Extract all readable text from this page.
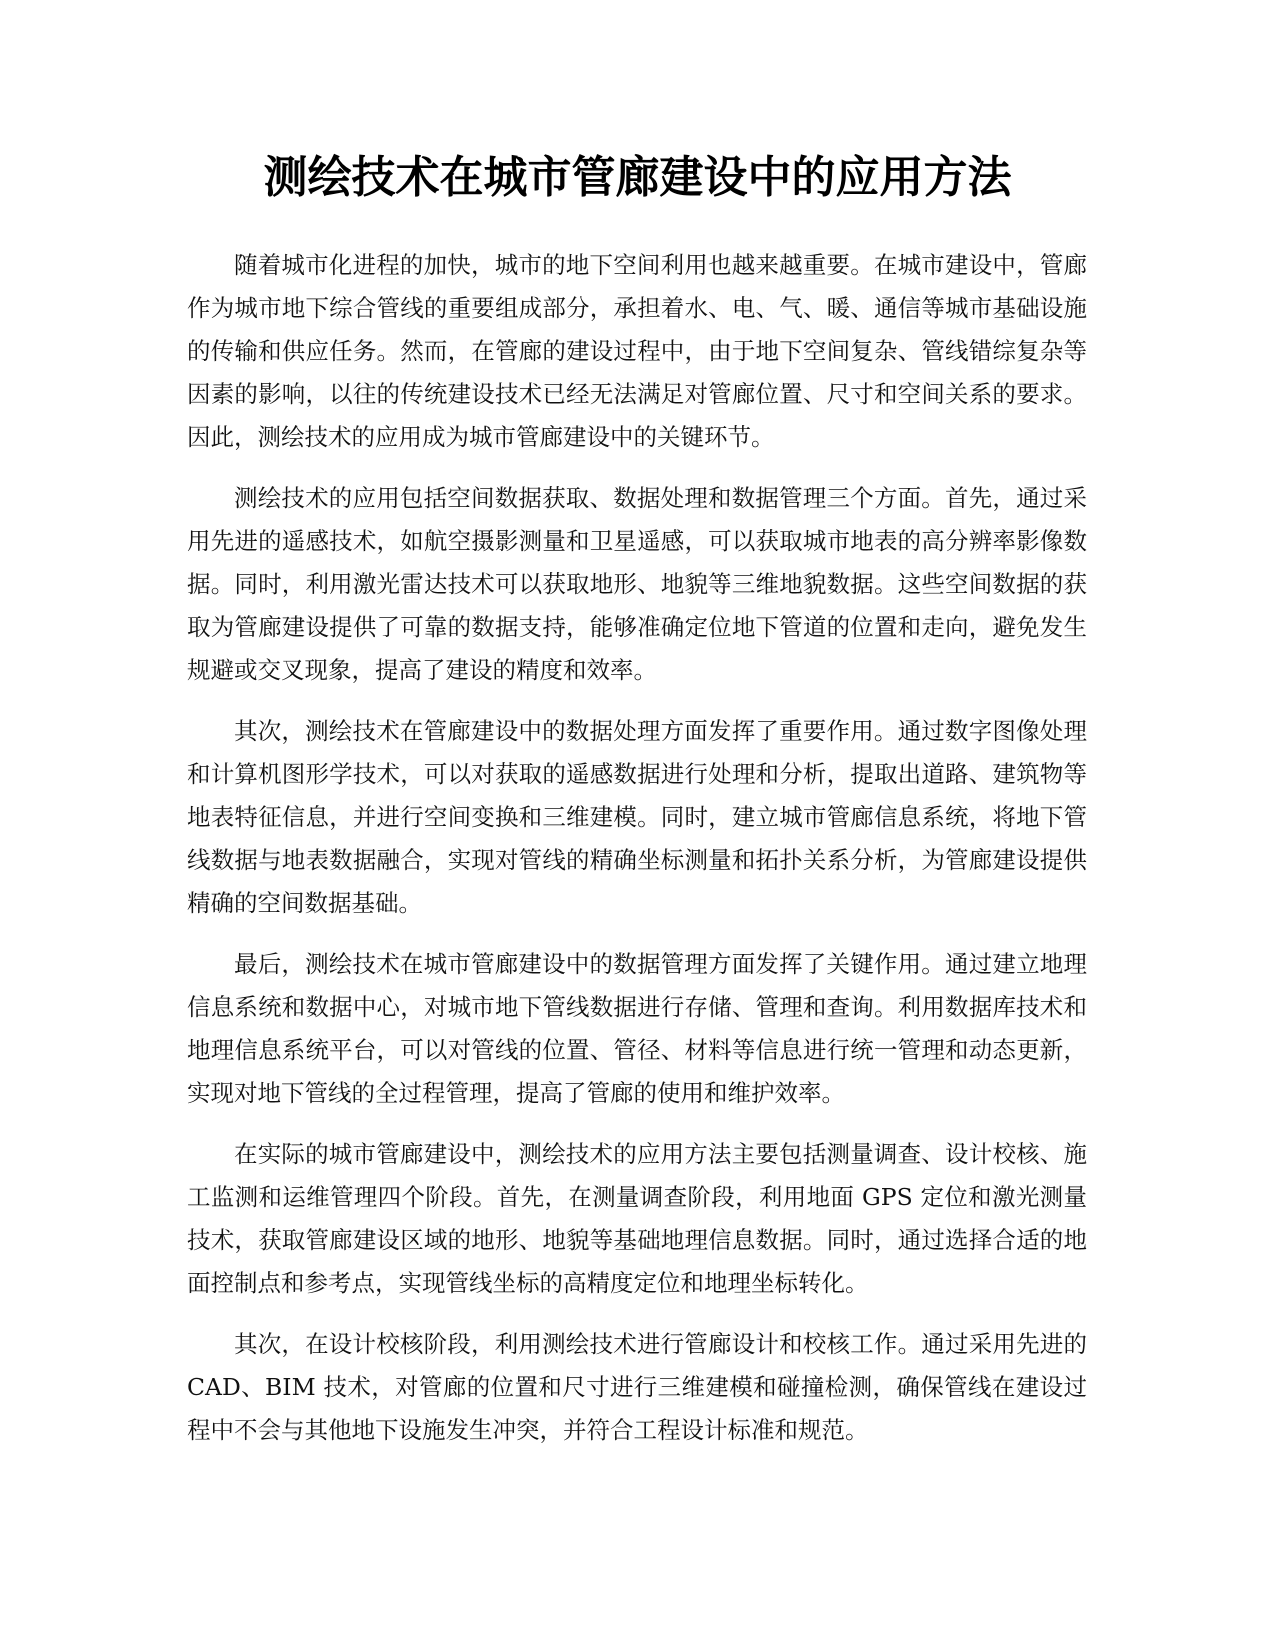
测绘技术在城市管廊建设中的应用方法

随着城市化进程的加快，城市的地下空间利用也越来越重要。在城市建设中，管廊作为城市地下综合管线的重要组成部分，承担着水、电、气、暖、通信等城市基础设施的传输和供应任务。然而，在管廊的建设过程中，由于地下空间复杂、管线错综复杂等因素的影响，以往的传统建设技术已经无法满足对管廊位置、尺寸和空间关系的要求。因此，测绘技术的应用成为城市管廊建设中的关键环节。

测绘技术的应用包括空间数据获取、数据处理和数据管理三个方面。首先，通过采用先进的遥感技术，如航空摄影测量和卫星遥感，可以获取城市地表的高分辨率影像数据。同时，利用激光雷达技术可以获取地形、地貌等三维地貌数据。这些空间数据的获取为管廊建设提供了可靠的数据支持，能够准确定位地下管道的位置和走向，避免发生规避或交叉现象，提高了建设的精度和效率。

其次，测绘技术在管廊建设中的数据处理方面发挥了重要作用。通过数字图像处理和计算机图形学技术，可以对获取的遥感数据进行处理和分析，提取出道路、建筑物等地表特征信息，并进行空间变换和三维建模。同时，建立城市管廊信息系统，将地下管线数据与地表数据融合，实现对管线的精确坐标测量和拓扑关系分析，为管廊建设提供精确的空间数据基础。

最后，测绘技术在城市管廊建设中的数据管理方面发挥了关键作用。通过建立地理信息系统和数据中心，对城市地下管线数据进行存储、管理和查询。利用数据库技术和地理信息系统平台，可以对管线的位置、管径、材料等信息进行统一管理和动态更新，实现对地下管线的全过程管理，提高了管廊的使用和维护效率。

在实际的城市管廊建设中，测绘技术的应用方法主要包括测量调查、设计校核、施工监测和运维管理四个阶段。首先，在测量调查阶段，利用地面 GPS 定位和激光测量技术，获取管廊建设区域的地形、地貌等基础地理信息数据。同时，通过选择合适的地面控制点和参考点，实现管线坐标的高精度定位和地理坐标转化。

其次，在设计校核阶段，利用测绘技术进行管廊设计和校核工作。通过采用先进的 CAD、BIM 技术，对管廊的位置和尺寸进行三维建模和碰撞检测，确保管线在建设过程中不会与其他地下设施发生冲突，并符合工程设计标准和规范。
